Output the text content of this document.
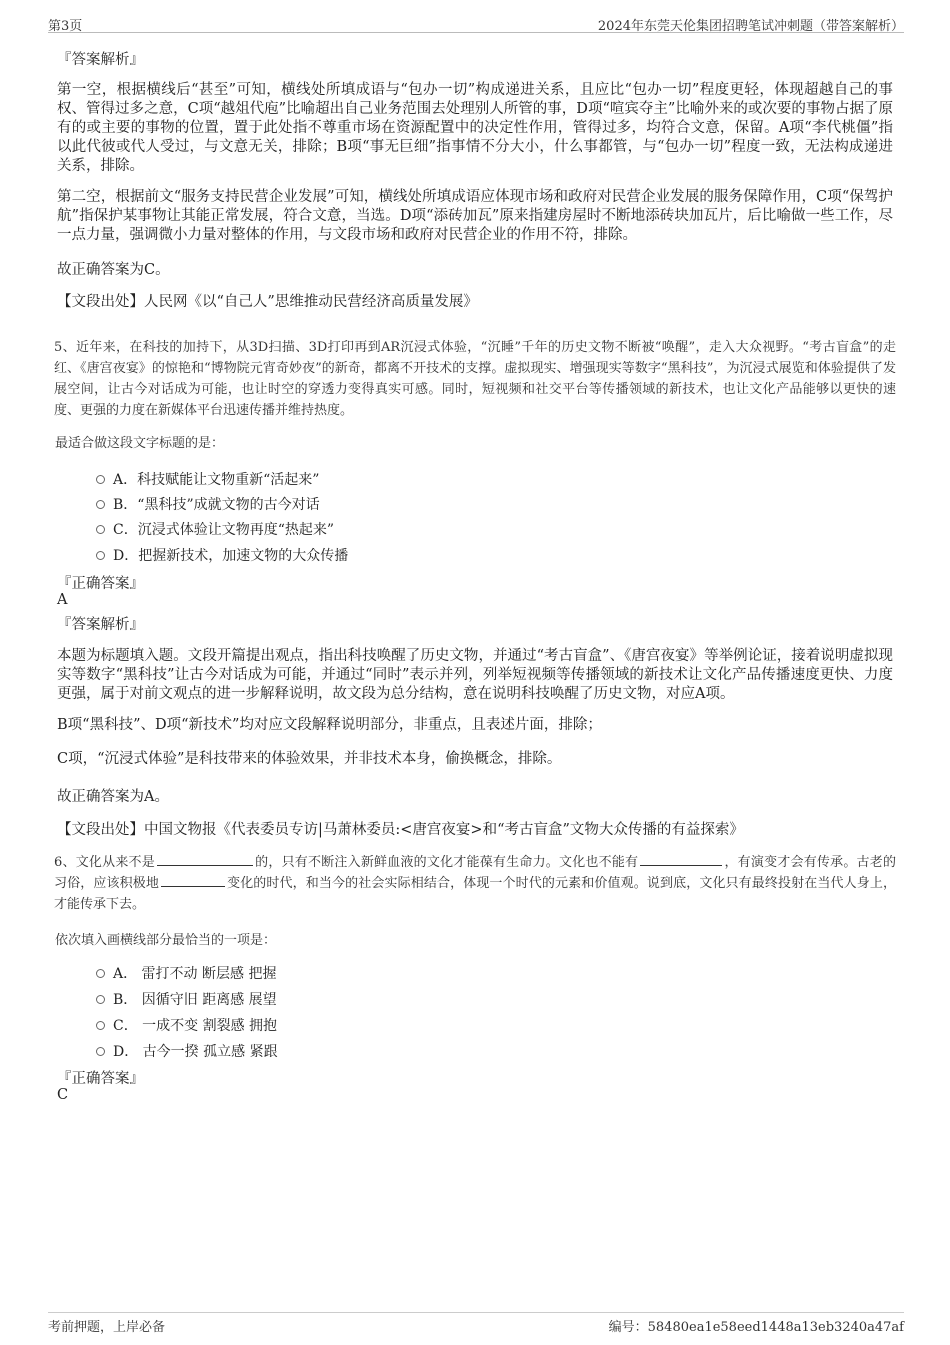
第3页	2024年东莞天伦集团招聘笔试冲刺题（带答案解析）
『答案解析』
第一空，根据横线后“甚至”可知，横线处所填成语与“包办一切”构成递进关系，且应比“包办一切”程度更轻，体现超越自己的事权、管得过多之意，C项“越俎代庖”比喻超出自己业务范围去处理别人所管的事，D项“喧宾夺主”比喻外来的或次要的事物占据了原有的或主要的事物的位置，置于此处指不尊重市场在资源配置中的决定性作用，管得过多，均符合文意，保留。A项“李代桃僵”指以此代彼或代人受过，与文意无关，排除；B项“事无巨细”指事情不分大小，什么事都管，与“包办一切”程度一致，无法构成递进关系，排除。
第二空，根据前文“服务支持民营企业发展”可知，横线处所填成语应体现市场和政府对民营企业发展的服务保障作用，C项“保驾护航”指保护某事物让其能正常发展，符合文意，当选。D项“添砖加瓦”原来指建房屋时不断地添砖块加瓦片，后比喻做一些工作，尽一点力量，强调微小力量对整体的作用，与文段市场和政府对民营企业的作用不符，排除。
故正确答案为C。
【文段出处】人民网《以“自己人”思维推动民营经济高质量发展》
5、近年来，在科技的加持下，从3D扫描、3D打印再到AR沉浸式体验，“沉睡”千年的历史文物不断被“唤醒”，走入大众视野。“考古盲盒”的走红、《唐宫夜宴》的惊艳和“博物院元宵奇妙夜”的新奇，都离不开技术的支撑。虚拟现实、增强现实等数字“黑科技”，为沉浸式展览和体验提供了发展空间，让古今对话成为可能，也让时空的穿透力变得真实可感。同时，短视频和社交平台等传播领域的新技术，也让文化产品能够以更快的速度、更强的力度在新媒体平台迅速传播并维持热度。
最适合做这段文字标题的是：
A．科技赋能让文物重新“活起来”
B．“黑科技”成就文物的古今对话
C．沉浸式体验让文物再度“热起来”
D．把握新技术，加速文物的大众传播
『正确答案』
A
『答案解析』
本题为标题填入题。文段开篇提出观点，指出科技唤醒了历史文物，并通过“考古盲盒”、《唐宫夜宴》等举例论证，接着说明虚拟现实等数字“黑科技”让古今对话成为可能，并通过“同时”表示并列，列举短视频等传播领域的新技术让文化产品传播速度更快、力度更强，属于对前文观点的进一步解释说明，故文段为总分结构，意在说明科技唤醒了历史文物，对应A项。
B项“黑科技”、D项“新技术”均对应文段解释说明部分，非重点，且表述片面，排除；
C项，“沉浸式体验”是科技带来的体验效果，并非技术本身，偷换概念，排除。
故正确答案为A。
【文段出处】中国文物报《代表委员专访|马萧林委员:<唐宫夜宴>和“考古盲盒”文物大众传播的有益探索》
6、文化从来不是	的，只有不断注入新鲜血液的文化才能葆有生命力。文化也不能有	，有演变才会有传承。古老的习俗，应该积极地	变化的时代，和当今的社会实际相结合，体现一个时代的元素和价值观。说到底，文化只有最终投射在当代人身上，才能传承下去。
依次填入画横线部分最恰当的一项是：
A． 雷打不动 断层感 把握
B． 因循守旧 距离感 展望
C． 一成不变 割裂感 拥抱
D． 古今一揆 孤立感 紧跟
『正确答案』
C
考前押题，上岸必备	编号：58480ea1e58eed1448a13eb3240a47af
